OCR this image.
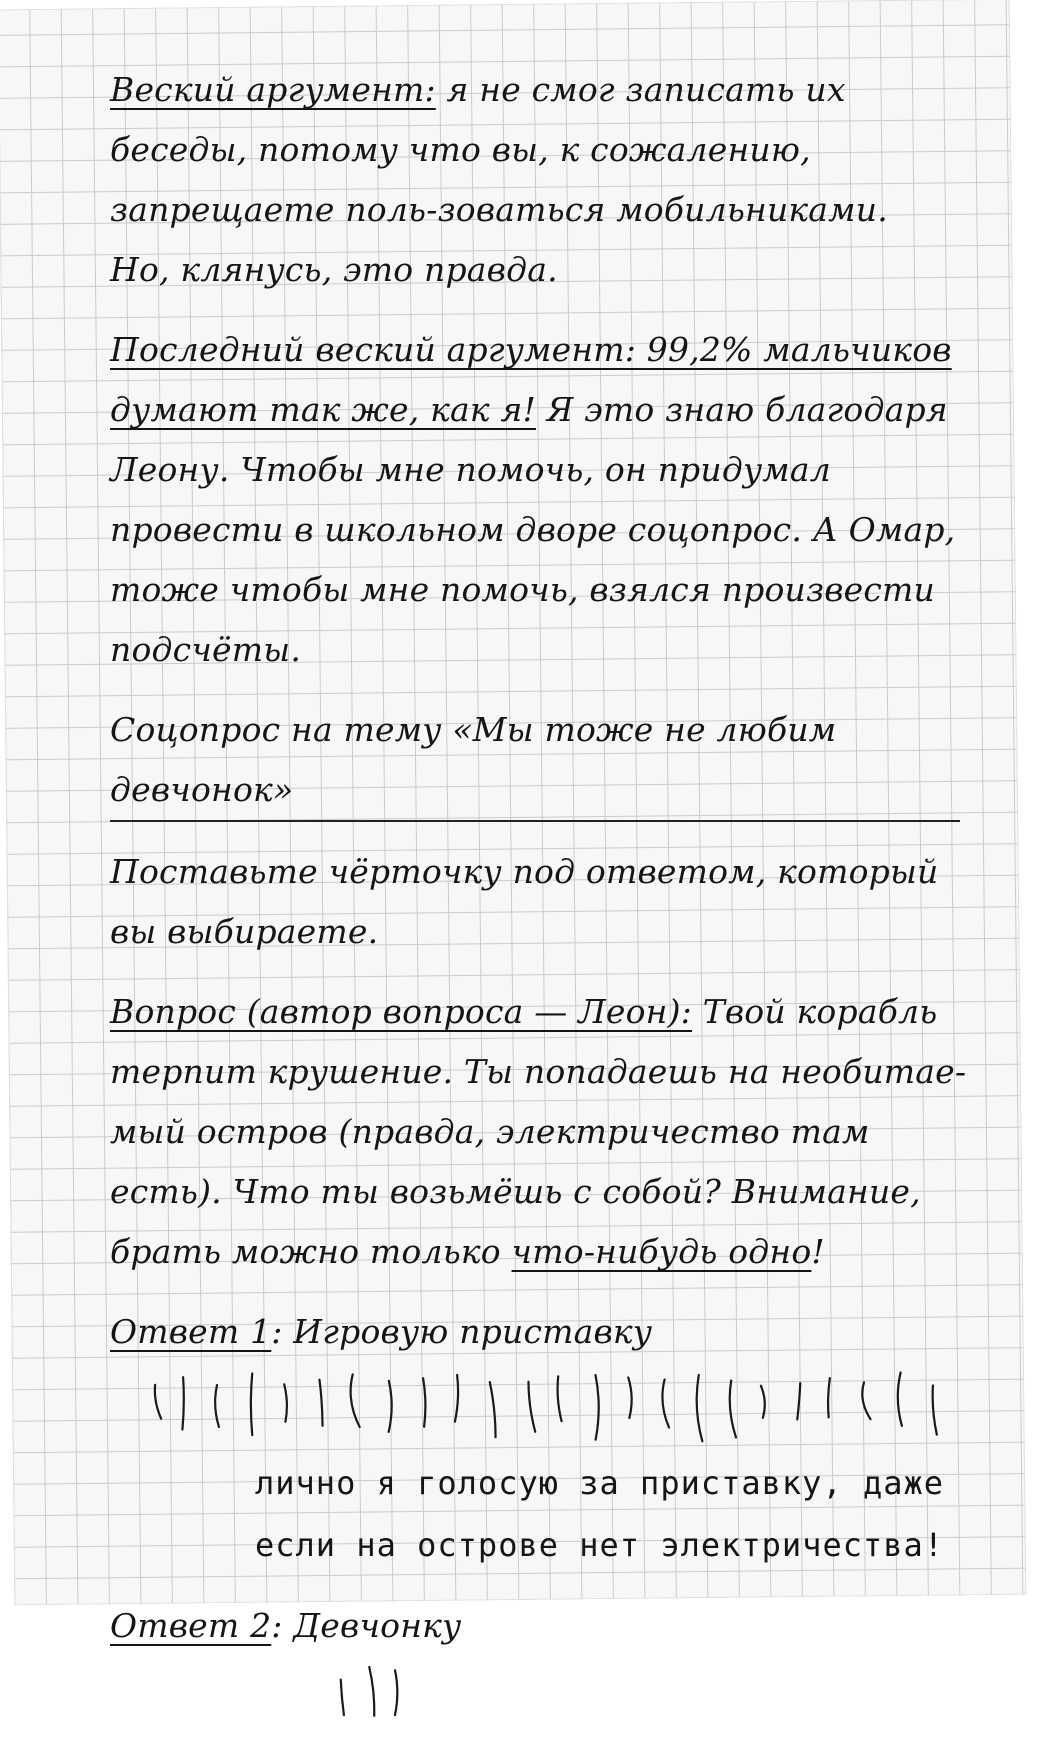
Веский аргумент: я не смог записать их беседы, потому что вы, к сожалению, запрещаете поль-зоваться мобильниками.

Но, клянусь, это правда.

Последний веский аргумент: 99,2% мальчиков думают так же, как я! Я это знаю благодаря Леону. Чтобы мне помочь, он придумал провести в школьном дворе соцопрос. А Омар, тоже чтобы мне помочь, взялся произвести подсчёты.

Соцопрос на тему «Мы тоже не любим девчонок»

Поставьте чёрточку под ответом, который вы выбираете.

Вопрос (автор вопроса — Леон): Твой корабль терпит крушение. Ты попадаешь на необитае-мый остров (правда, электричество там есть). Что ты возьмёшь с собой? Внимание, брать можно только что-нибудь одно!

Ответ 1: Игровую приставку

лично я голосую за приставку, даже если на острове нет электричества!

Ответ 2: Девчонку
